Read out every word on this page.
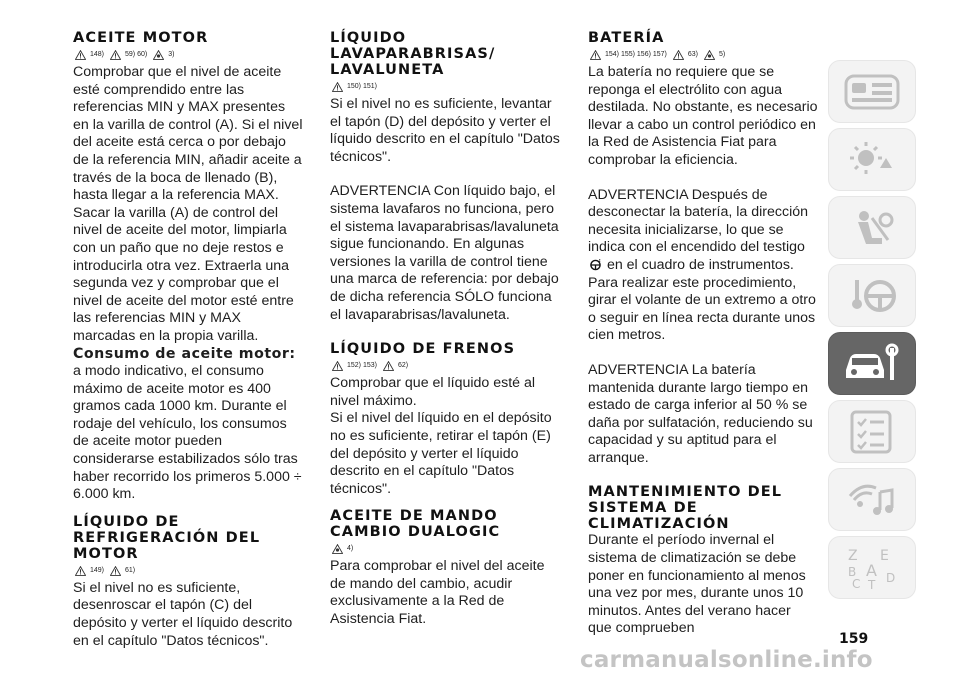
ACEITE MOTOR
148)	59) 60)	3)

Comprobar que el nivel de aceite esté comprendido entre las referencias MIN y MAX presentes en la varilla de control (A). Si el nivel del aceite está cerca o por debajo de la referencia MIN, añadir aceite a través de la boca de llenado (B), hasta llegar a la referencia MAX.

Sacar la varilla (A) de control del nivel de aceite del motor, limpiarla con un paño que no deje restos e introducirla otra vez. Extraerla una segunda vez y comprobar que el nivel de aceite del motor esté entre las referencias MIN y MAX marcadas en la propia varilla.

Consumo de aceite motor: a modo indicativo, el consumo máximo de aceite motor es 400 gramos cada 1000 km. Durante el rodaje del vehículo, los consumos de aceite motor pueden considerarse estabilizados sólo tras haber recorrido los primeros 5.000 ÷ 6.000 km.

LÍQUIDO DE REFRIGERACIÓN DEL MOTOR
149)	61)

Si el nivel no es suficiente, desenroscar el tapón (C) del depósito y verter el líquido descrito en el capítulo "Datos técnicos".

LÍQUIDO LAVAPARABRISAS/ LAVALUNETA
150) 151)

Si el nivel no es suficiente, levantar el tapón (D) del depósito y verter el líquido descrito en el capítulo "Datos técnicos".

ADVERTENCIA Con líquido bajo, el sistema lavafaros no funciona, pero el sistema lavaparabrisas/lavaluneta sigue funcionando. En algunas versiones la varilla de control tiene una marca de referencia: por debajo de dicha referencia SÓLO funciona el lavaparabrisas/lavaluneta.

LÍQUIDO DE FRENOS
152) 153)	62)

Comprobar que el líquido esté al nivel máximo.

Si el nivel del líquido en el depósito no es suficiente, retirar el tapón (E) del depósito y verter el líquido descrito en el capítulo "Datos técnicos".

ACEITE DE MANDO CAMBIO DUALOGIC
4)

Para comprobar el nivel del aceite de mando del cambio, acudir exclusivamente a la Red de Asistencia Fiat.

BATERÍA
154) 155) 156) 157)	63)	5)

La batería no requiere que se reponga el electrólito con agua destilada. No obstante, es necesario llevar a cabo un control periódico en la Red de Asistencia Fiat para comprobar la eficiencia.

ADVERTENCIA Después de desconectar la batería, la dirección necesita inicializarse, lo que se indica con el encendido del testigo
! en el cuadro de instrumentos. Para realizar este procedimiento, girar el volante de un extremo a otro o seguir en línea recta durante unos cien metros.

ADVERTENCIA La batería mantenida durante largo tiempo en estado de carga inferior al 50 % se daña por sulfatación, reduciendo su capacidad y su aptitud para el arranque.

MANTENIMIENTO DEL SISTEMA DE CLIMATIZACIÓN

Durante el período invernal el sistema de climatización se debe poner en funcionamiento al menos una vez por mes, durante unos 10 minutos. Antes del verano hacer que comprueben

Z E
B A D
C T
159
carmanualsonline.info
